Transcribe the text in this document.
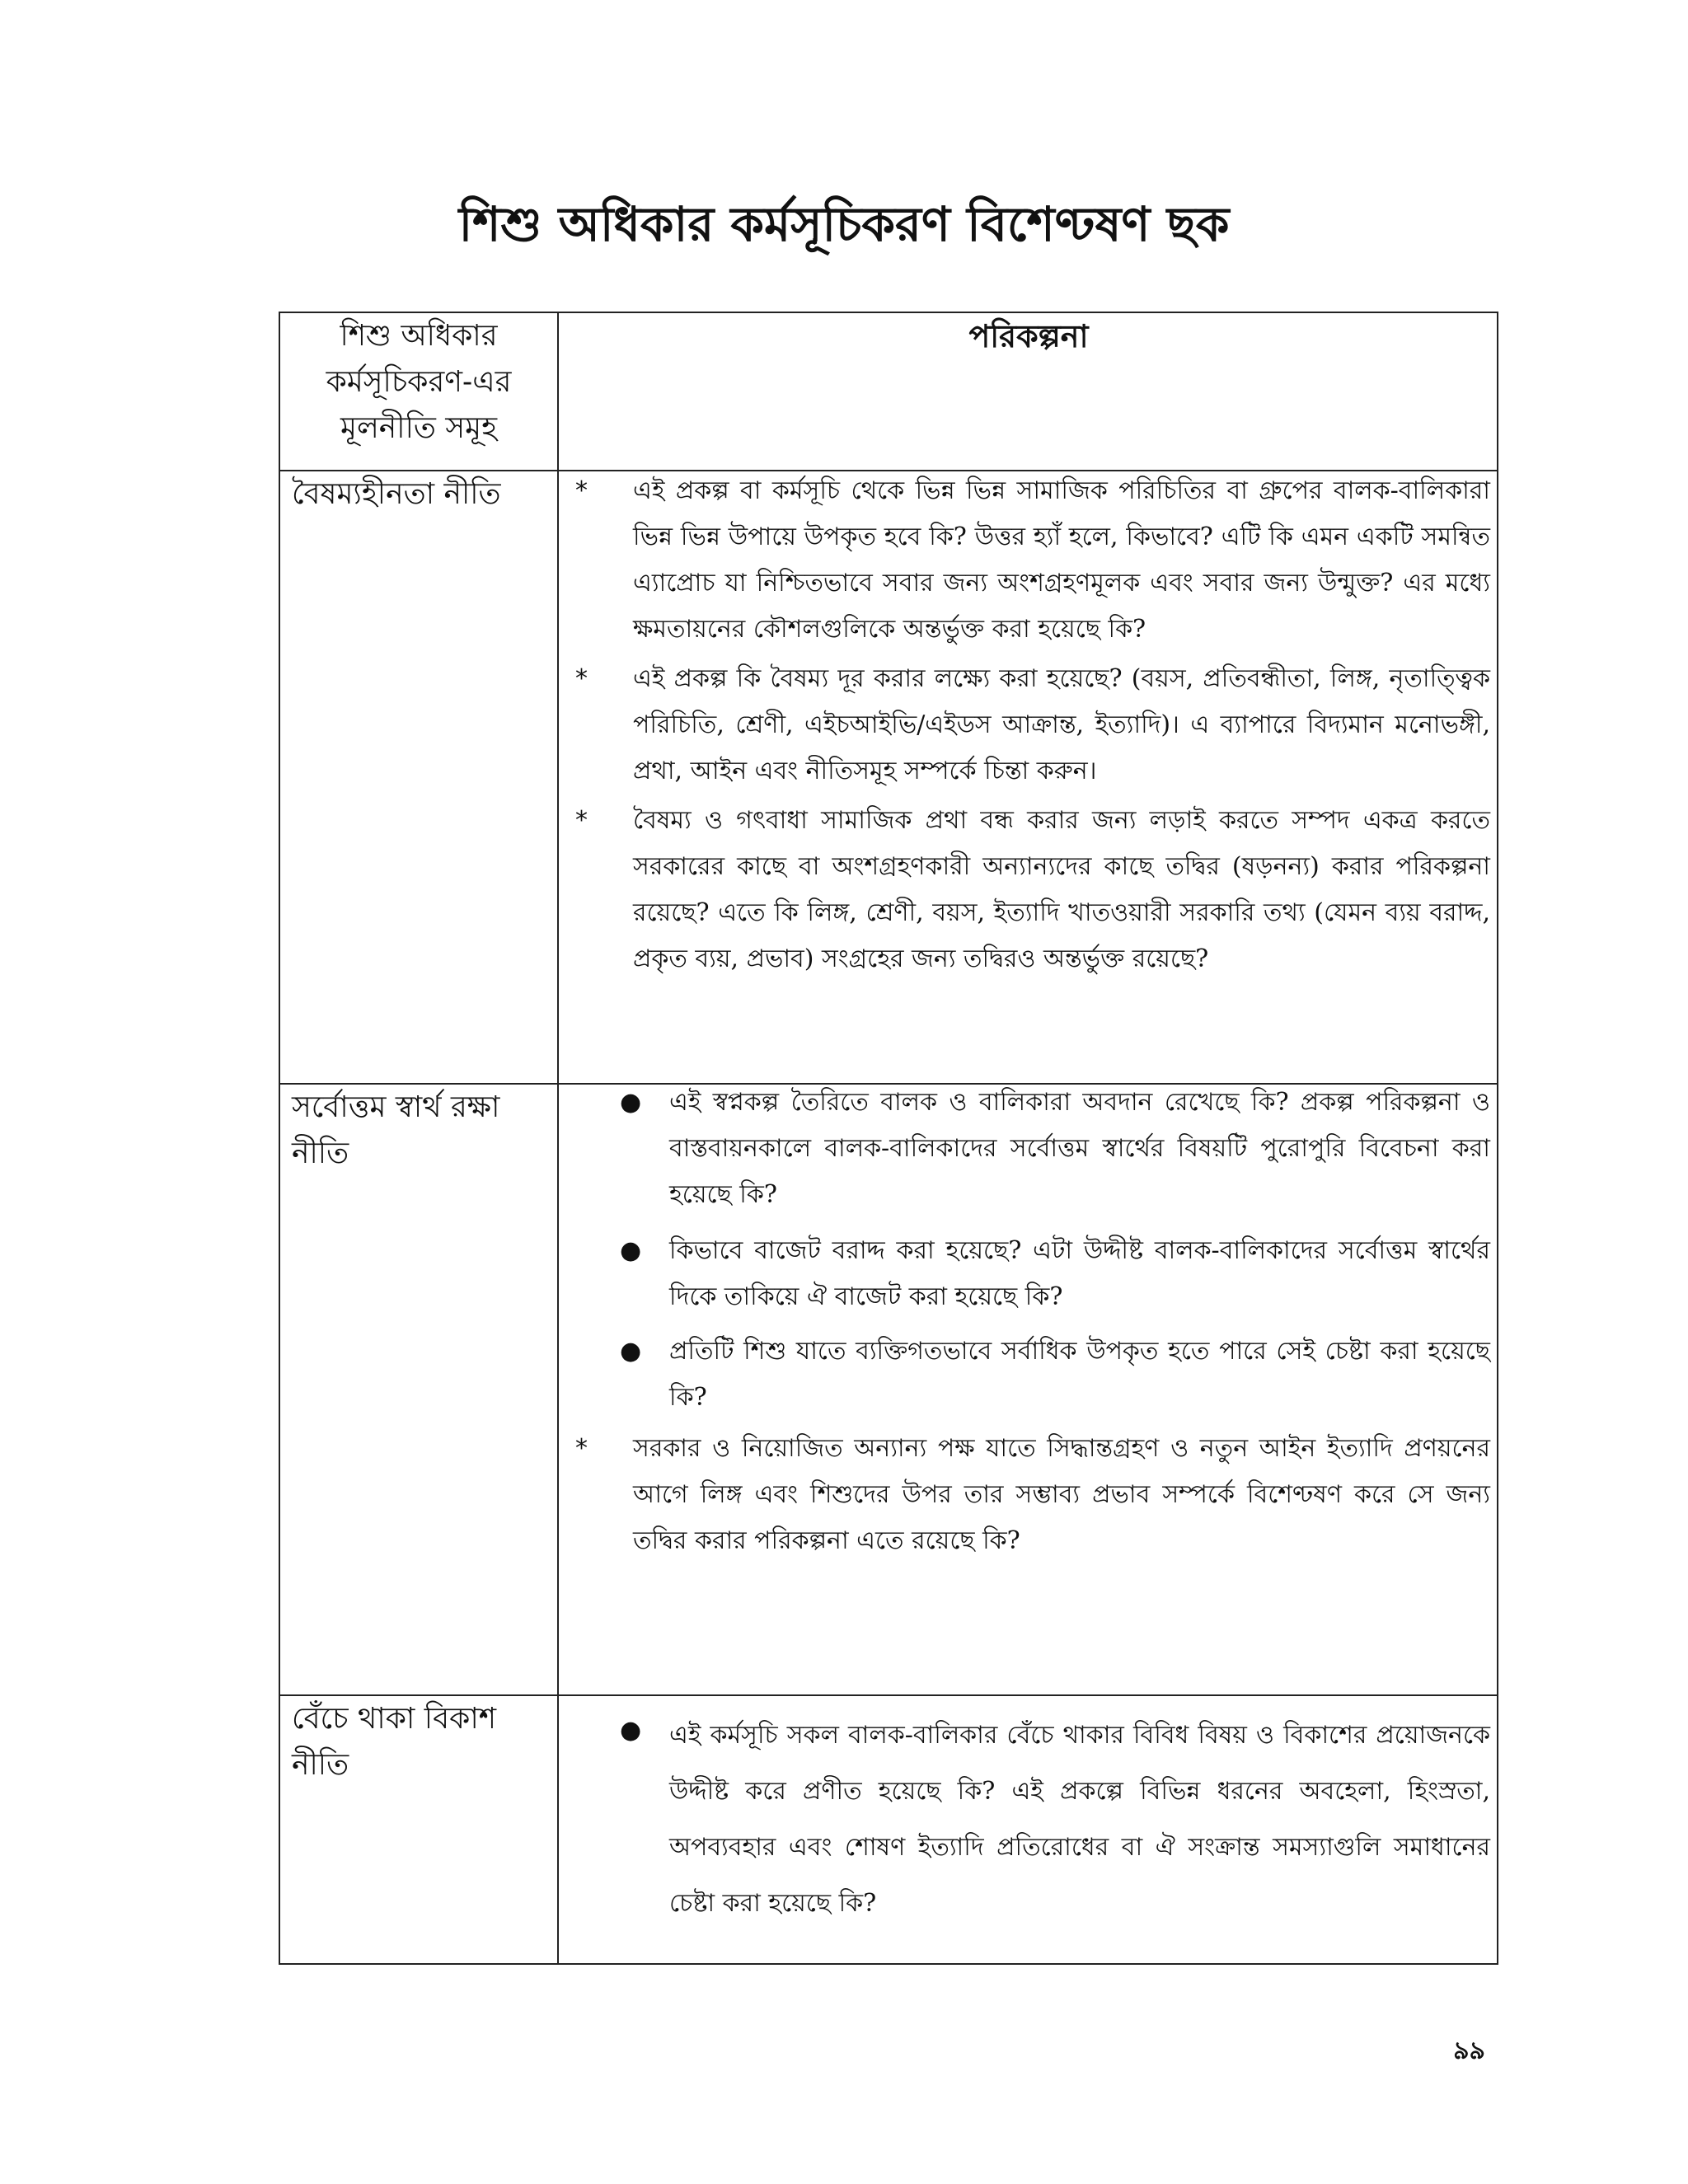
শিশু অধিকার কর্মসূচিকরণ বিশেণ্ঢষণ ছক
শিশু অধিকার কর্মসূচিকরণ-এর মূলনীতি সমূহ
পরিকল্পনা
বৈষম্যহীনতা নীতি	* এই প্রকল্প বা কর্মসূচি থেকে ভিন্ন ভিন্ন সামাজিক পরিচিতির বা গ্রুপের বালক-বালিকারা ভিন্ন ভিন্ন উপায়ে উপকৃত হবে কি? উত্তর হ্যাঁ হলে, কিভাবে? এটি কি এমন একটি সমন্বিত এ্যাপ্রোচ যা নিশ্চিতভাবে সবার জন্য অংশগ্রহণমূলক এবং সবার জন্য উন্মুক্ত? এর মধ্যে ক্ষমতায়নের কৌশলগুলিকে অন্তর্ভুক্ত করা হয়েছে কি?
* এই প্রকল্প কি বৈষম্য দূর করার লক্ষ্যে করা হয়েছে? (বয়স, প্রতিবন্ধীতা, লিঙ্গ, নৃতাত্ত্বিক পরিচিতি, শ্রেণী, এইচআইভি/এইডস আক্রান্ত, ইত্যাদি)। এ ব্যাপারে বিদ্যমান মনোভঙ্গী, প্রথা, আইন এবং নীতিসমূহ সম্পর্কে চিন্তা করুন।
* বৈষম্য ও গৎবাধা সামাজিক প্রথা বন্ধ করার জন্য লড়াই করতে সম্পদ একত্র করতে সরকারের কাছে বা অংশগ্রহণকারী অন্যান্যদের কাছে তদ্বির (ষড়নন্য) করার পরিকল্পনা রয়েছে? এতে কি লিঙ্গ, শ্রেণী, বয়স, ইত্যাদি খাতওয়ারী সরকারি তথ্য (যেমন ব্যয় বরাদ্দ, প্রকৃত ব্যয়, প্রভাব) সংগ্রহের জন্য তদ্বিরও অন্তর্ভুক্ত রয়েছে?
সর্বোত্তম স্বার্থ রক্ষা নীতি
● এই স্বপ্নকল্প তৈরিতে বালক ও বালিকারা অবদান রেখেছে কি? প্রকল্প পরিকল্পনা ও বাস্তবায়নকালে বালক-বালিকাদের সর্বোত্তম স্বার্থের বিষয়টি পুরোপুরি বিবেচনা করা হয়েছে কি?
● কিভাবে বাজেট বরাদ্দ করা হয়েছে? এটা উদ্দীষ্ট বালক-বালিকাদের সর্বোত্তম স্বার্থের দিকে তাকিয়ে ঐ বাজেট করা হয়েছে কি?
● প্রতিটি শিশু যাতে ব্যক্তিগতভাবে সর্বাধিক উপকৃত হতে পারে সেই চেষ্টা করা হয়েছে কি?
* সরকার ও নিয়োজিত অন্যান্য পক্ষ যাতে সিদ্ধান্তগ্রহণ ও নতুন আইন ইত্যাদি প্রণয়নের আগে লিঙ্গ এবং শিশুদের উপর তার সম্ভাব্য প্রভাব সম্পর্কে বিশেণ্ঢষণ করে সে জন্য তদ্বির করার পরিকল্পনা এতে রয়েছে কি?
বেঁচে থাকা বিকাশ নীতি
● এই কর্মসূচি সকল বালক-বালিকার বেঁচে থাকার বিবিধ বিষয় ও বিকাশের প্রয়োজনকে উদ্দীষ্ট করে প্রণীত হয়েছে কি? এই প্রকল্পে বিভিন্ন ধরনের অবহেলা, হিংস্রতা, অপব্যবহার এবং শোষণ ইত্যাদি প্রতিরোধের বা ঐ সংক্রান্ত সমস্যাগুলি সমাধানের চেষ্টা করা হয়েছে কি?
৯৯
